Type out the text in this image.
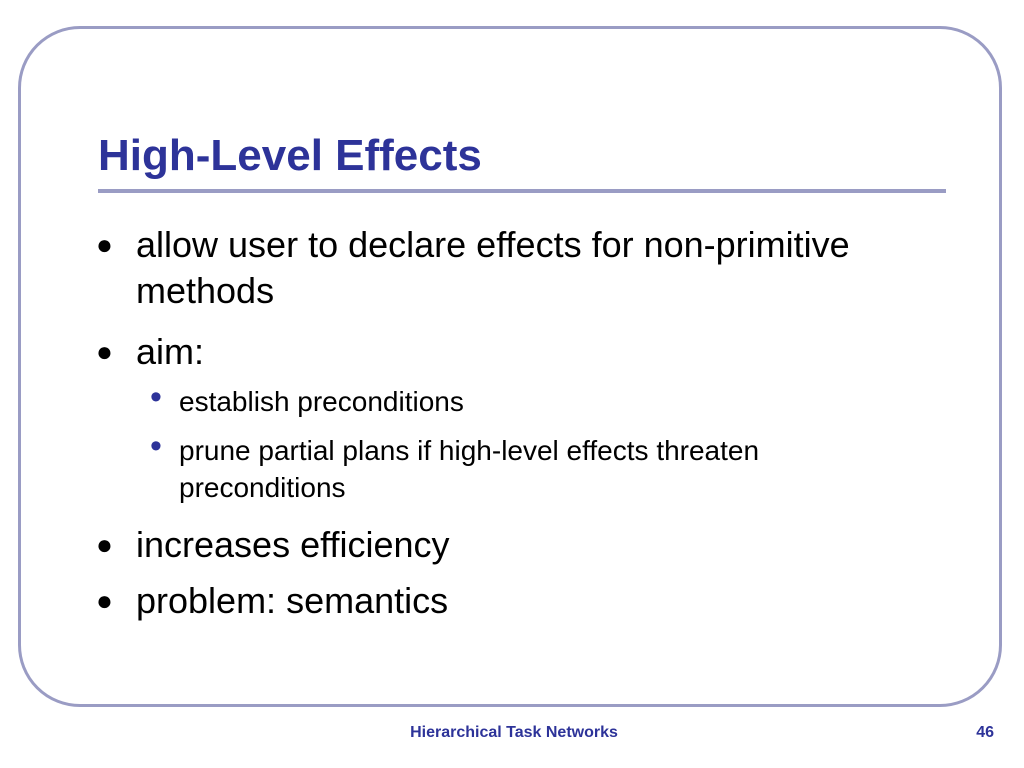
High-Level Effects
● allow user to declare effects for non-primitive methods
● aim:
• establish preconditions
• prune partial plans if high-level effects threaten preconditions
● increases efficiency
● problem: semantics
Hierarchical Task Networks	46
